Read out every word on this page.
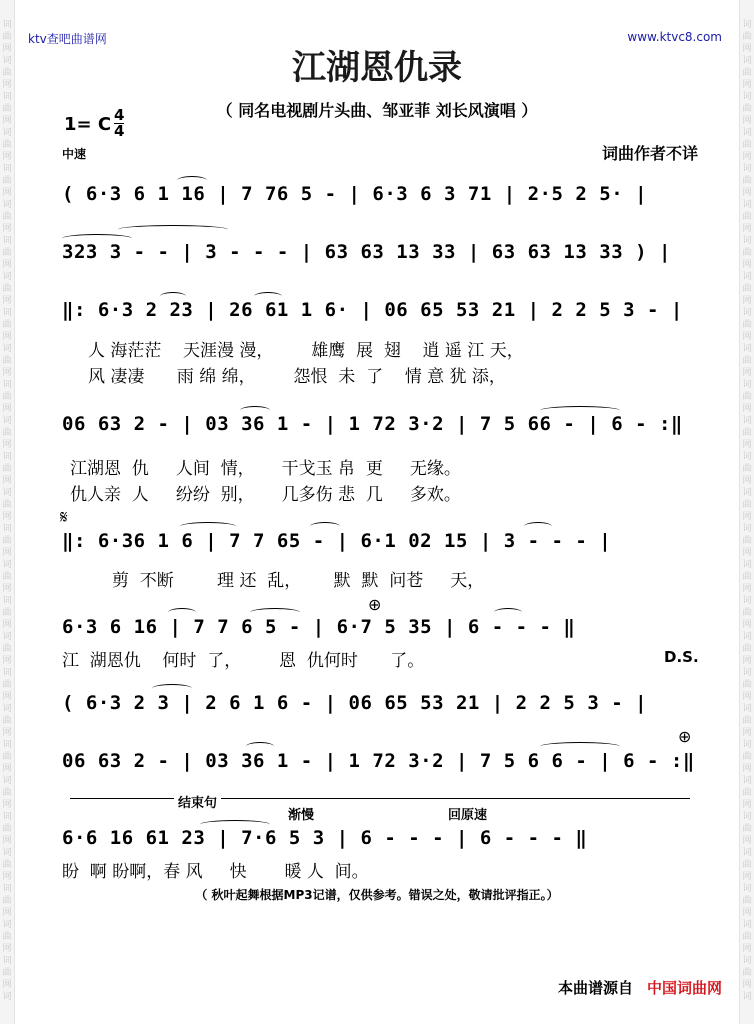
词
曲
网
词
曲
网
词
曲
网
词
曲
网
词
曲
网
词
曲
网
词
曲
网
词
曲
网
词
曲
网
词
曲
网
词
曲
网
词
曲
网
词
曲
网
词
曲
网
词
曲
网
词
曲
网
词
曲
网
词
曲
网
词
曲
网
词
曲
网
词
曲
网
词
曲
网
词
曲
网
词
曲
网
词
曲
网
词
曲
网
词
曲
网
词
词
曲
网
词
曲
网
词
曲
网
词
曲
网
词
曲
网
词
曲
网
词
曲
网
词
曲
网
词
曲
网
词
曲
网
词
曲
网
词
曲
网
词
曲
网
词
曲
网
词
曲
网
词
曲
网
词
曲
网
词
曲
网
词
曲
网
词
曲
网
词
曲
网
词
曲
网
词
曲
网
词
曲
网
词
曲
网
词
曲
网
词
曲
网
词
ktv查吧曲谱网	www.ktvc8.com
江湖恩仇录
（ 同名电视剧片头曲、邹亚菲 刘长风演唱 ）
1= C 4
4
中速	词曲作者不详
( 6·3 6 1 16 | 7 76 5 - | 6·3 6 3 71 | 2·5 2 5· |
323 3 - - | 3 - - - | 63 63 13 33 | 63 63 13 33 ) |
‖: 6·3 2 23 | 26 61 1 6· | 06 65 53 21 | 2 2 5 3 - |
人 海茫茫    天涯漫 漫，       雄鹰  展  翅    逍 遥 江 天，
风 凄凄      雨 绵 绵，       怨恨  未  了    情 意 犹 添，
06 63 2 - | 03 36 1 - | 1 72 3·2 | 7 5 66 - | 6 - :‖
江湖恩  仇     人间  情，     干戈玉 帛  更     无缘。
仇人亲  人     纷纷  别，     几多伤 悲  几     多欢。
𝄋
‖: 6·36 1 6 | 7 7 65 - | 6·1 02 15 | 3 - - - |
剪  不断        理 还  乱，      默  默  问苍     天，
⊕
6·3 6 16 | 7 7 6 5 - | 6·7 5 35 | 6 - - - ‖
江  湖恩仇    何时  了，       恩  仇何时      了。	D.S.
( 6·3 2 3 | 2 6 1 6 - | 06 65 53 21 | 2 2 5 3 - |
⊕
06 63 2 - | 03 36 1 - | 1 72 3·2 | 7 5 6 6 - | 6 - :‖
结束句
渐慢	回原速
6·6 16 61 23 | 7·6 5 3 | 6 - - - | 6 - - - ‖
盼  啊 盼啊，春 风     快       暖 人  间。
（ 秋叶起舞根据MP3记谱，仅供参考。错误之处，敬请批评指正。）
本曲谱源自 中国词曲网
